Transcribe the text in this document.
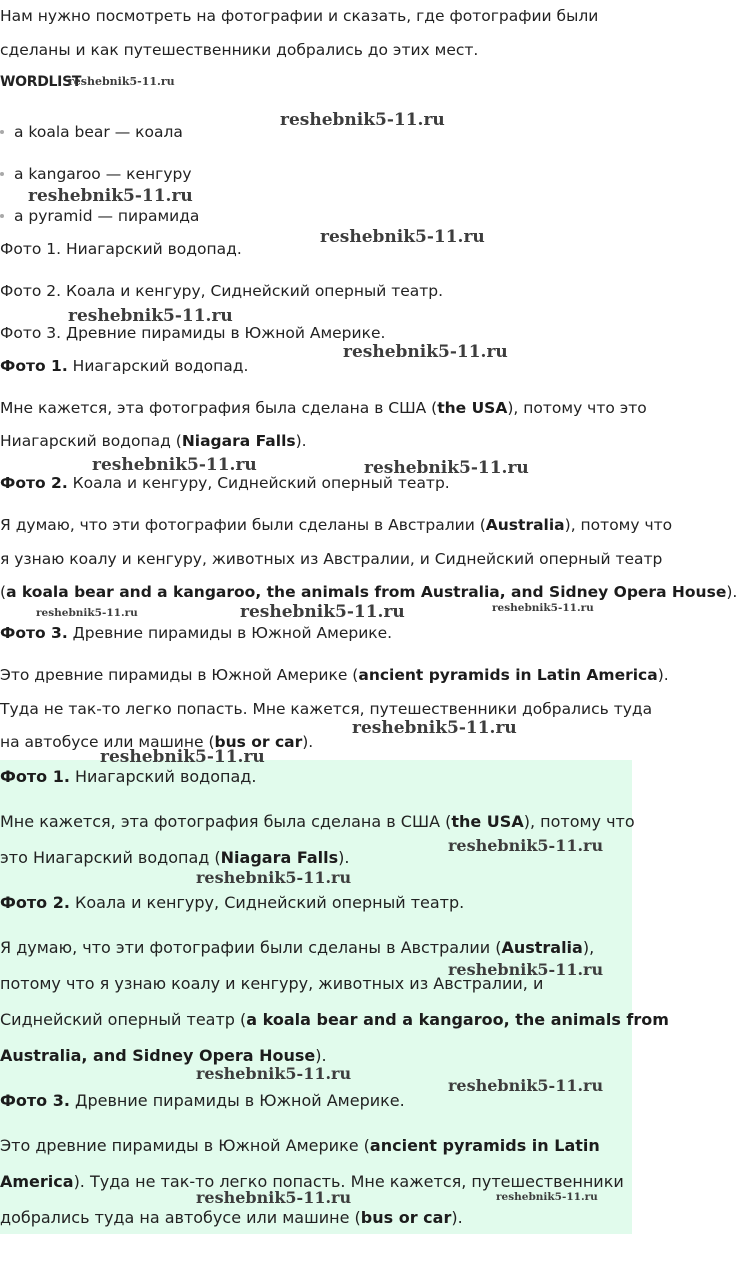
Нам нужно посмотреть на фотографии и сказать, где фотографии были
сделаны и как путешественники добрались до этих мест.
WORDLIST
reshebnik5-11.ru
a koala bear — коала
a kangaroo — кенгуру
a pyramid — пирамида
Фото 1. Ниагарский водопад.
Фото 2. Коала и кенгуру, Сиднейский оперный театр.
Фото 3. Древние пирамиды в Южной Америке.
Фото 1. Ниагарский водопад.
Мне кажется, эта фотография была сделана в США (the USA), потому что это
Ниагарский водопад (Niagara Falls).
Фото 2. Коала и кенгуру, Сиднейский оперный театр.
Я думаю, что эти фотографии были сделаны в Австралии (Australia), потому что
я узнаю коалу и кенгуру, животных из Австралии, и Сиднейский оперный театр
(a koala bear and a kangaroo, the animals from Australia, and Sidney Opera House).
Фото 3. Древние пирамиды в Южной Америке.
Это древние пирамиды в Южной Америке (ancient pyramids in Latin America).
Туда не так-то легко попасть. Мне кажется, путешественники добрались туда
на автобусе или машине (bus or car).
Фото 1. Ниагарский водопад.
Мне кажется, эта фотография была сделана в США (the USA), потому что
это Ниагарский водопад (Niagara Falls).
Фото 2. Коала и кенгуру, Сиднейский оперный театр.
Я думаю, что эти фотографии были сделаны в Австралии (Australia),
потому что я узнаю коалу и кенгуру, животных из Австралии, и
Сиднейский оперный театр (a koala bear and a kangaroo, the animals from
Australia, and Sidney Opera House).
Фото 3. Древние пирамиды в Южной Америке.
Это древние пирамиды в Южной Америке (ancient pyramids in Latin
America). Туда не так-то легко попасть. Мне кажется, путешественники
добрались туда на автобусе или машине (bus or car).
reshebnik5-11.ru
reshebnik5-11.ru
reshebnik5-11.ru
reshebnik5-11.ru
reshebnik5-11.ru
reshebnik5-11.ru	reshebnik5-11.ru
reshebnik5-11.ru	reshebnik5-11.ru	reshebnik5-11.ru
reshebnik5-11.ru
reshebnik5-11.ru
reshebnik5-11.ru
reshebnik5-11.ru
reshebnik5-11.ru
reshebnik5-11.ru
reshebnik5-11.ru
reshebnik5-11.ru	reshebnik5-11.ru
